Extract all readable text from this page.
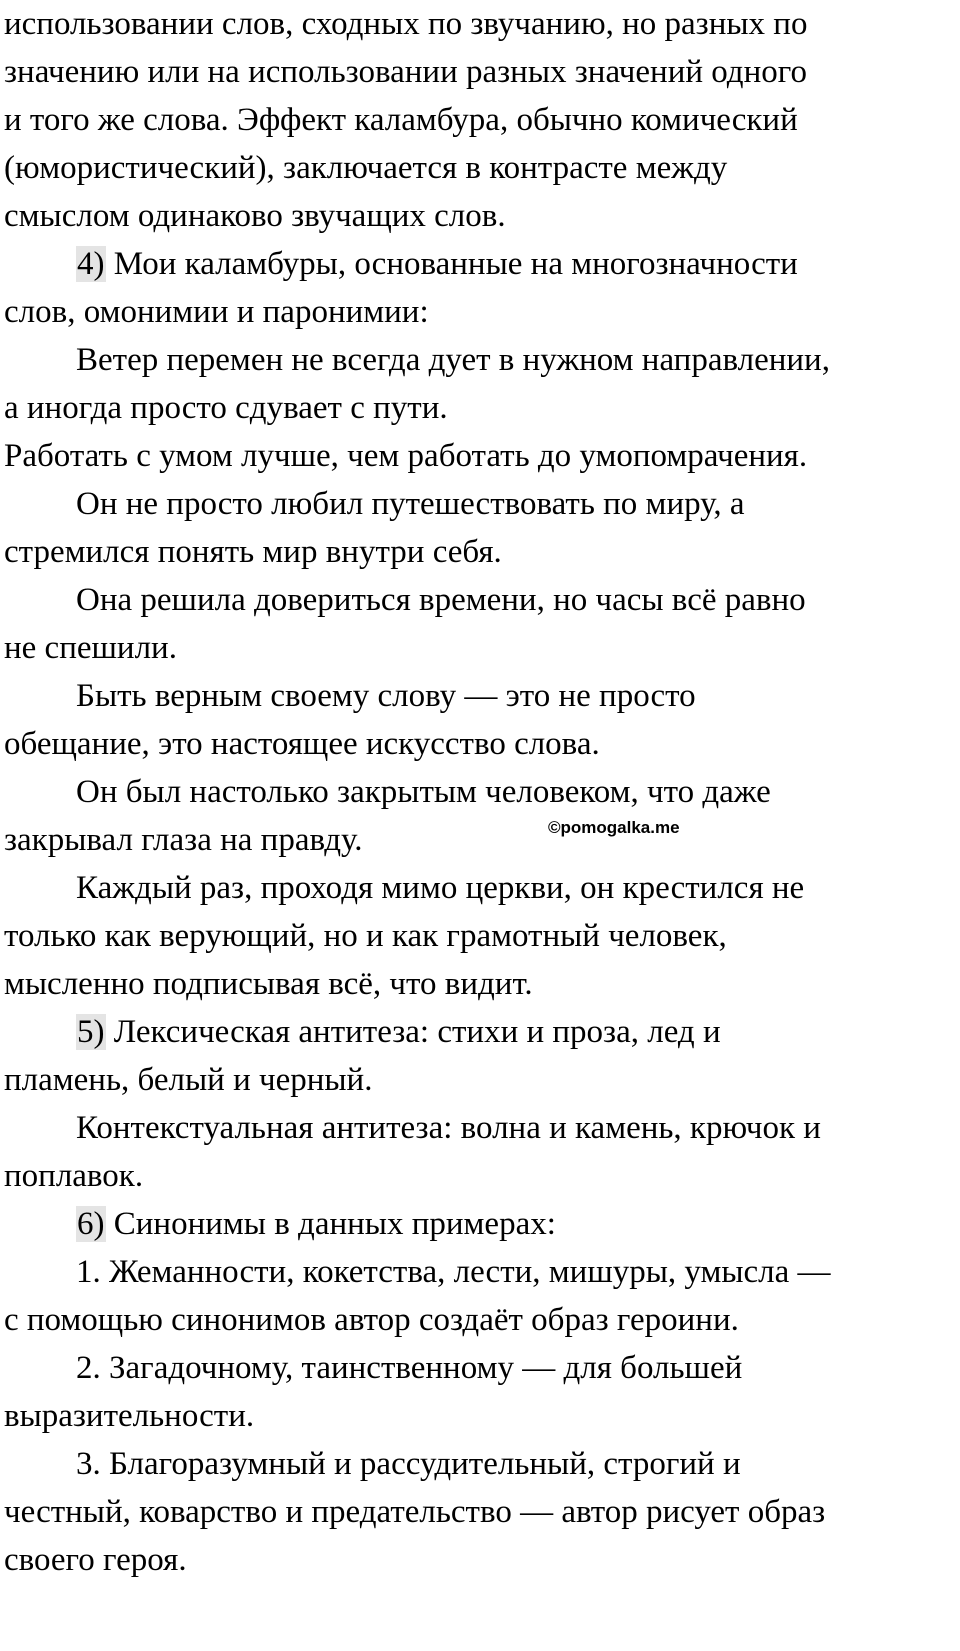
использовании слов, сходных по звучанию, но разных по
значению или на использовании разных значений одного
и того же слова. Эффект каламбура, обычно комический
(юмористический), заключается в контрасте между
смыслом одинаково звучащих слов.
4) Мои каламбуры, основанные на многозначности
слов, омонимии и паронимии:
Ветер перемен не всегда дует в нужном направлении,
а иногда просто сдувает с пути.
Работать с умом лучше, чем работать до умопомрачения.
Он не просто любил путешествовать по миру, а
стремился понять мир внутри себя.
Она решила довериться времени, но часы всё равно
не спешили.
Быть верным своему слову — это не просто
обещание, это настоящее искусство слова.
Он был настолько закрытым человеком, что даже
закрывал глаза на правду.
Каждый раз, проходя мимо церкви, он крестился не
только как верующий, но и как грамотный человек,
мысленно подписывая всё, что видит.
5) Лексическая антитеза: стихи и проза, лед и
пламень, белый и черный.
Контекстуальная антитеза: волна и камень, крючок и
поплавок.
6) Синонимы в данных примерах:
1. Жеманности, кокетства, лести, мишуры, умысла —
с помощью синонимов автор создаёт образ героини.
2. Загадочному, таинственному — для большей
выразительности.
3. Благоразумный и рассудительный, строгий и
честный, коварство и предательство — автор рисует образ
своего героя.
©pomogalka.me
